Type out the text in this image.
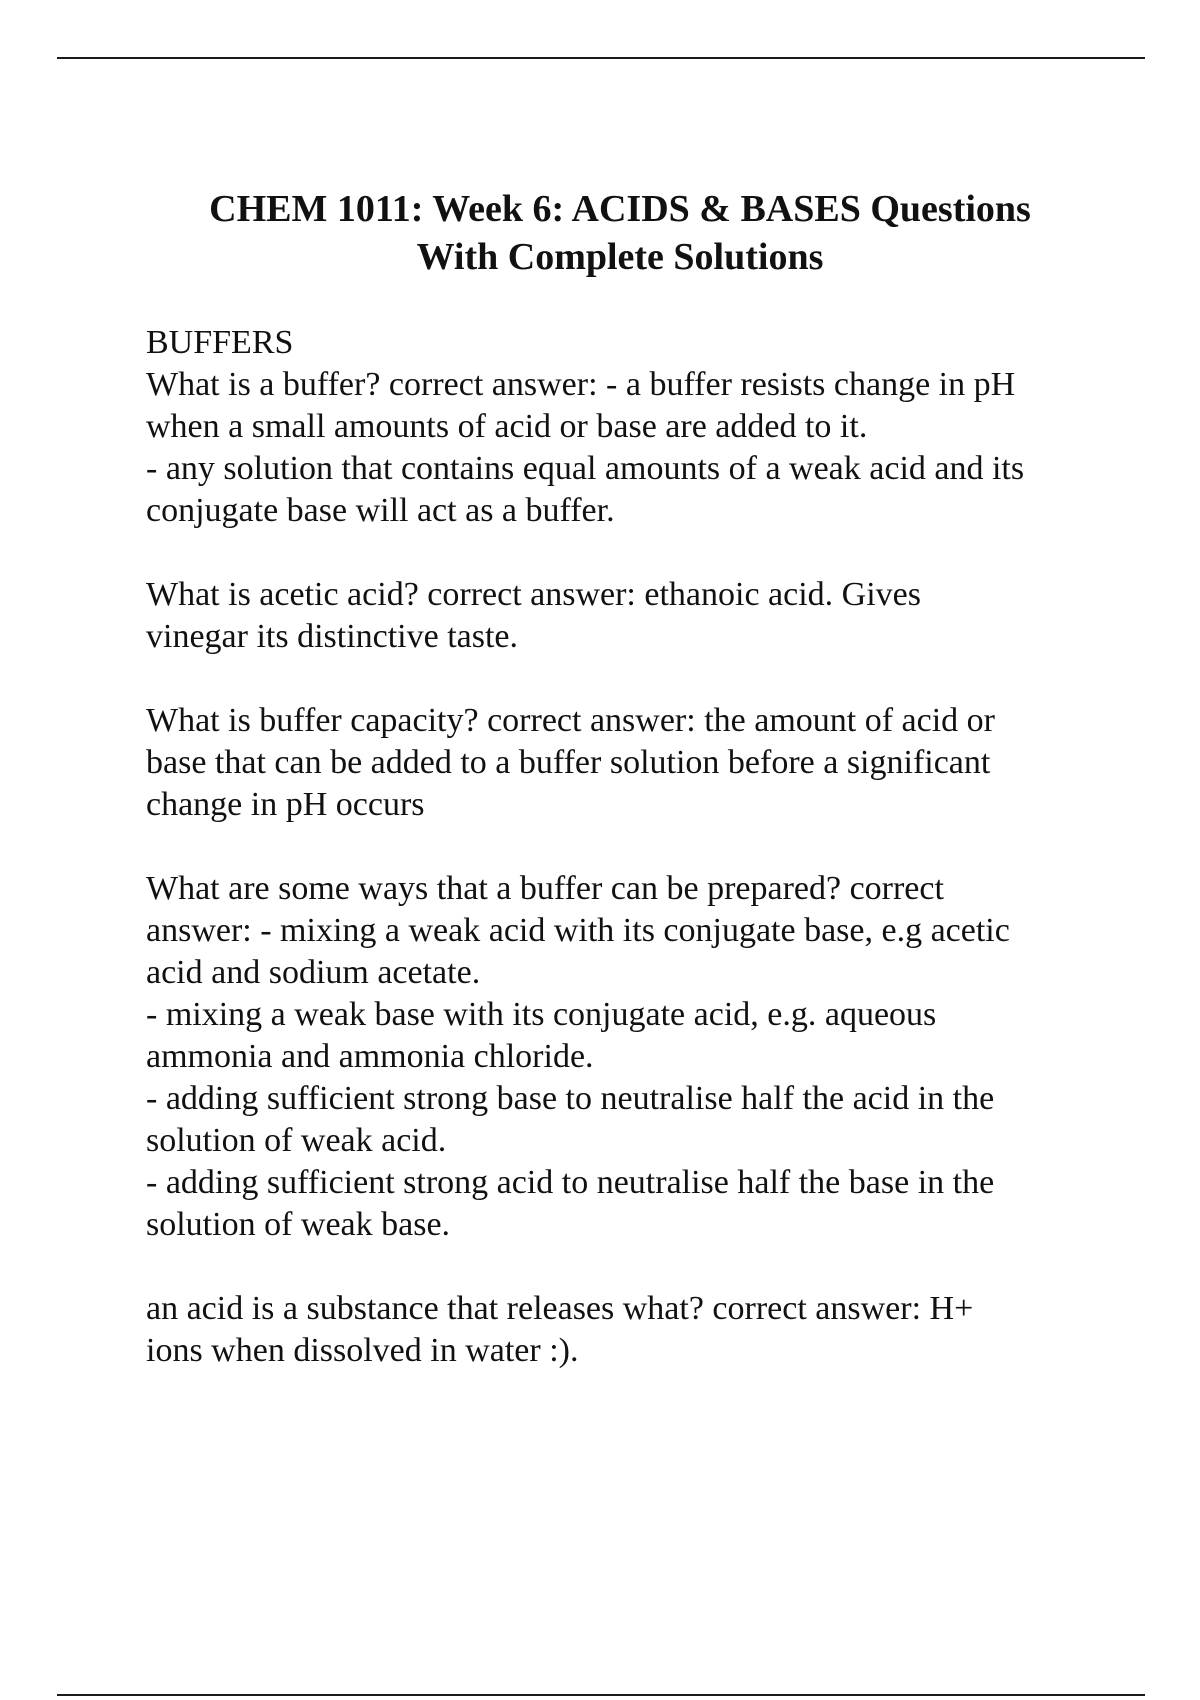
CHEM 1011: Week 6: ACIDS & BASES Questions
With Complete Solutions

BUFFERS

What is a buffer? correct answer: - a buffer resists change in pH
when a small amounts of acid or base are added to it.
- any solution that contains equal amounts of a weak acid and its
conjugate base will act as a buffer.
What is acetic acid? correct answer: ethanoic acid. Gives
vinegar its distinctive taste.
What is buffer capacity? correct answer: the amount of acid or
base that can be added to a buffer solution before a significant
change in pH occurs
What are some ways that a buffer can be prepared? correct
answer: - mixing a weak acid with its conjugate base, e.g acetic
acid and sodium acetate.
- mixing a weak base with its conjugate acid, e.g. aqueous
ammonia and ammonia chloride.
- adding sufficient strong base to neutralise half the acid in the
solution of weak acid.
- adding sufficient strong acid to neutralise half the base in the
solution of weak base.
an acid is a substance that releases what? correct answer: H+
ions when dissolved in water :).
